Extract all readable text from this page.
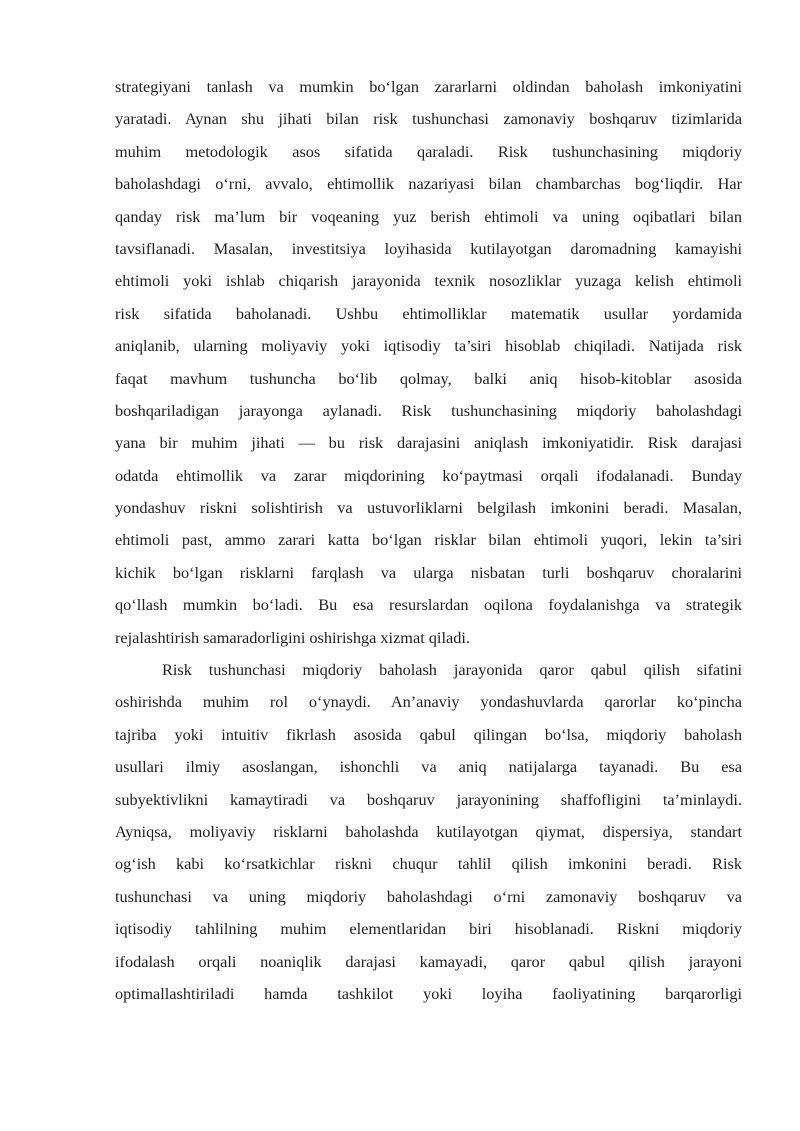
strategiyani tanlash va mumkin bo‘lgan zararlarni oldindan baholash imkoniyatini
yaratadi. Aynan shu jihati bilan risk tushunchasi zamonaviy boshqaruv tizimlarida
muhim metodologik asos sifatida qaraladi. Risk tushunchasining miqdoriy
baholashdagi o‘rni, avvalo, ehtimollik nazariyasi bilan chambarchas bog‘liqdir. Har
qanday risk ma’lum bir voqeaning yuz berish ehtimoli va uning oqibatlari bilan
tavsiflanadi. Masalan, investitsiya loyihasida kutilayotgan daromadning kamayishi
ehtimoli yoki ishlab chiqarish jarayonida texnik nosozliklar yuzaga kelish ehtimoli
risk sifatida baholanadi. Ushbu ehtimolliklar matematik usullar yordamida
aniqlanib, ularning moliyaviy yoki iqtisodiy ta’siri hisoblab chiqiladi. Natijada risk
faqat mavhum tushuncha bo‘lib qolmay, balki aniq hisob-kitoblar asosida
boshqariladigan jarayonga aylanadi. Risk tushunchasining miqdoriy baholashdagi
yana bir muhim jihati — bu risk darajasini aniqlash imkoniyatidir. Risk darajasi
odatda ehtimollik va zarar miqdorining ko‘paytmasi orqali ifodalanadi. Bunday
yondashuv riskni solishtirish va ustuvorliklarni belgilash imkonini beradi. Masalan,
ehtimoli past, ammo zarari katta bo‘lgan risklar bilan ehtimoli yuqori, lekin ta’siri
kichik bo‘lgan risklarni farqlash va ularga nisbatan turli boshqaruv choralarini
qo‘llash mumkin bo‘ladi. Bu esa resurslardan oqilona foydalanishga va strategik
rejalashtirish samaradorligini oshirishga xizmat qiladi.
Risk tushunchasi miqdoriy baholash jarayonida qaror qabul qilish sifatini
oshirishda muhim rol o‘ynaydi. An’anaviy yondashuvlarda qarorlar ko‘pincha
tajriba yoki intuitiv fikrlash asosida qabul qilingan bo‘lsa, miqdoriy baholash
usullari ilmiy asoslangan, ishonchli va aniq natijalarga tayanadi. Bu esa
subyektivlikni kamaytiradi va boshqaruv jarayonining shaffofligini ta’minlaydi.
Ayniqsa, moliyaviy risklarni baholashda kutilayotgan qiymat, dispersiya, standart
og‘ish kabi ko‘rsatkichlar riskni chuqur tahlil qilish imkonini beradi. Risk
tushunchasi va uning miqdoriy baholashdagi o‘rni zamonaviy boshqaruv va
iqtisodiy tahlilning muhim elementlaridan biri hisoblanadi. Riskni miqdoriy
ifodalash orqali noaniqlik darajasi kamayadi, qaror qabul qilish jarayoni
optimallashtiriladi hamda tashkilot yoki loyiha faoliyatining barqarorligi
